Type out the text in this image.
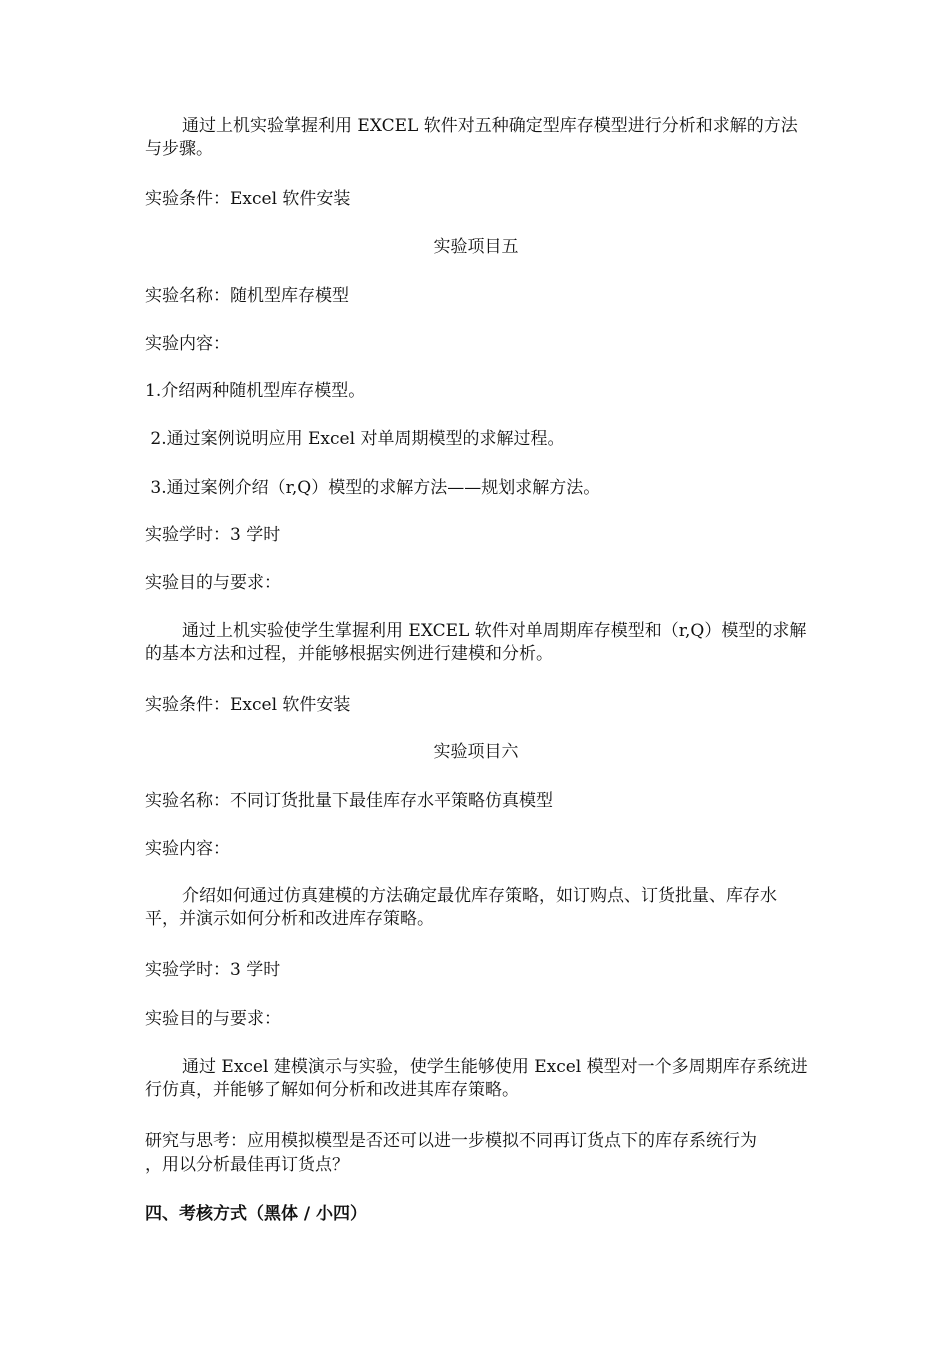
通过上机实验掌握利用 EXCEL 软件对五种确定型库存模型进行分析和求解的方法与步骤。
实验条件：Excel 软件安装
实验项目五
实验名称：随机型库存模型
实验内容：
1.介绍两种随机型库存模型。
2.通过案例说明应用 Excel 对单周期模型的求解过程。
3.通过案例介绍（r,Q）模型的求解方法——规划求解方法。
实验学时：3 学时
实验目的与要求：
通过上机实验使学生掌握利用 EXCEL 软件对单周期库存模型和（r,Q）模型的求解的基本方法和过程，并能够根据实例进行建模和分析。
实验条件：Excel 软件安装
实验项目六
实验名称：不同订货批量下最佳库存水平策略仿真模型
实验内容：
介绍如何通过仿真建模的方法确定最优库存策略，如订购点、订货批量、库存水平，并演示如何分析和改进库存策略。
实验学时：3 学时
实验目的与要求：
通过 Excel 建模演示与实验，使学生能够使用 Excel 模型对一个多周期库存系统进行仿真，并能够了解如何分析和改进其库存策略。
研究与思考：应用模拟模型是否还可以进一步模拟不同再订货点下的库存系统行为
，用以分析最佳再订货点？
四、考核方式（黑体 / 小四）
